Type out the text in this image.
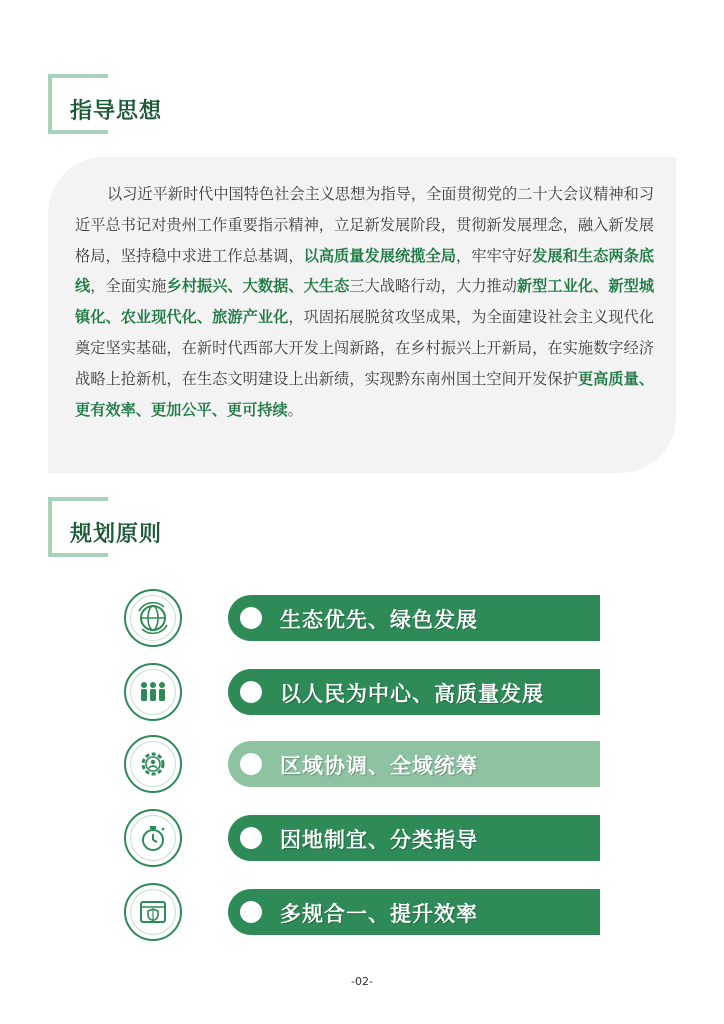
指导思想

以习近平新时代中国特色社会主义思想为指导，全面贯彻党的二十大会议精神和习近平总书记对贵州工作重要指示精神，立足新发展阶段，贯彻新发展理念，融入新发展格局，坚持稳中求进工作总基调，以高质量发展统揽全局，牢牢守好发展和生态两条底线，全面实施乡村振兴、大数据、大生态三大战略行动，大力推动新型工业化、新型城镇化、农业现代化、旅游产业化，巩固拓展脱贫攻坚成果，为全面建设社会主义现代化奠定坚实基础，在新时代西部大开发上闯新路，在乡村振兴上开新局，在实施数字经济战略上抢新机，在生态文明建设上出新绩，实现黔东南州国土空间开发保护更高质量、更有效率、更加公平、更可持续。

规划原则
生态优先、绿色发展
以人民为中心、高质量发展
区域协调、全域统筹
因地制宜、分类指导
多规合一、提升效率
-02-
